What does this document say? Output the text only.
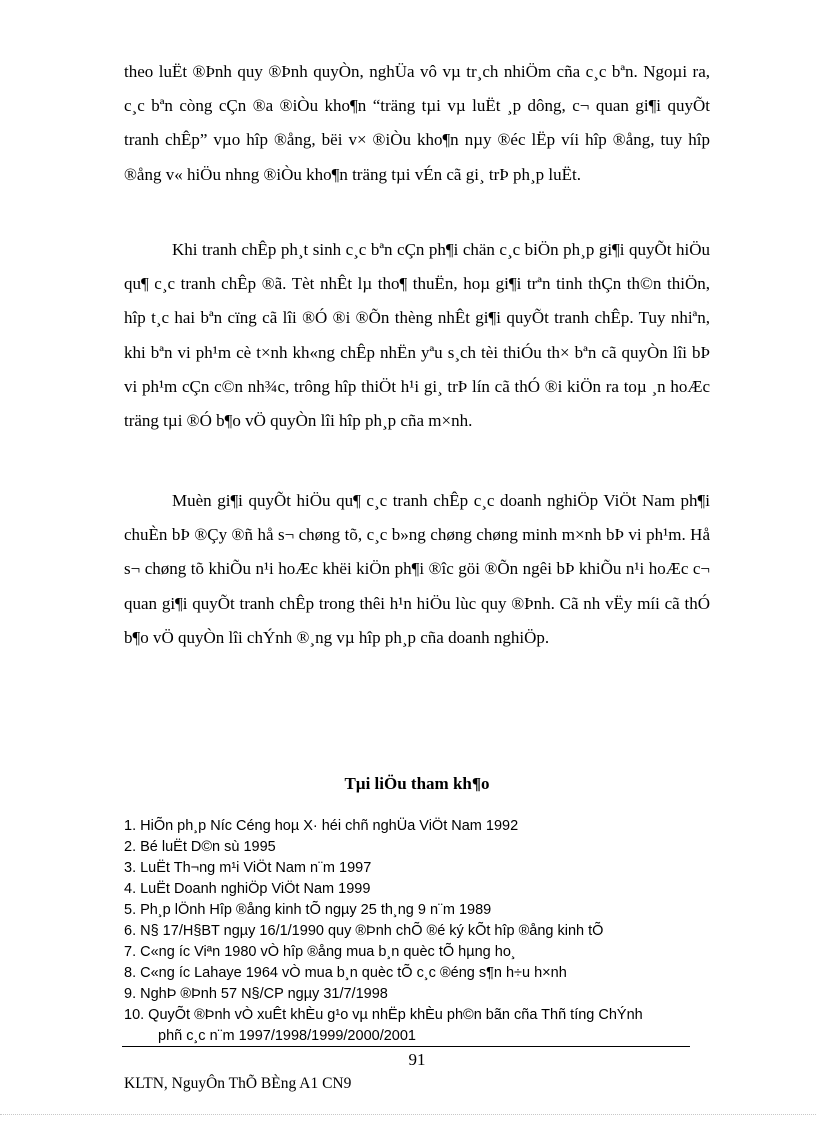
theo luËt ®Þnh quy ®Þnh quyÒn, nghÜa vô vµ tr¸ch nhiÖm cña c¸c bªn. Ngoµi ra, c¸c bªn còng cÇn ®a ®iÒu kho¶n “träng tµi vµ luËt ¸p dông, c¬ quan gi¶i quyÕt tranh chÊp” vµo hîp ®ång, bëi v× ®iÒu kho¶n nµy ®éc lËp víi hîp ®ång, tuy hîp ®ång v« hiÖu nhng ®iÒu kho¶n träng tµi vÉn cã gi¸ trÞ ph¸p luËt.

Khi tranh chÊp ph¸t sinh c¸c bªn cÇn ph¶i chän c¸c biÖn ph¸p gi¶i quyÕt hiÖu qu¶ c¸c tranh chÊp ®ã. Tèt nhÊt lµ tho¶ thuËn, hoµ gi¶i trªn tinh thÇn th©n thiÖn, hîp t¸c hai bªn cïng cã lîi ®Ó ®i ®Õn thèng nhÊt gi¶i quyÕt tranh chÊp. Tuy nhiªn, khi bªn vi ph¹m cè t×nh kh«ng chÊp nhËn yªu s¸ch tèi thiÓu th× bªn cã quyÒn lîi bÞ vi ph¹m cÇn c©n nh¾c, trông hîp thiÖt h¹i gi¸ trÞ lín cã thÓ ®i kiÖn ra toµ ¸n hoÆc träng tµi ®Ó b¶o vÖ quyÒn lîi hîp ph¸p cña m×nh.

Muèn gi¶i quyÕt hiÖu qu¶ c¸c tranh chÊp c¸c doanh nghiÖp ViÖt Nam ph¶i chuÈn bÞ ®Çy ®ñ hå s¬ chøng tõ, c¸c b»ng chøng chøng minh m×nh bÞ vi ph¹m. Hå s¬ chøng tõ khiÕu n¹i hoÆc khëi kiÖn ph¶i ®îc göi ®Õn ngêi bÞ khiÕu n¹i hoÆc c¬ quan gi¶i quyÕt tranh chÊp trong thêi h¹n hiÖu lùc quy ®Þnh. Cã nh vËy míi cã thÓ b¶o vÖ quyÒn lîi chÝnh ®¸ng vµ hîp ph¸p cña doanh nghiÖp.

Tµi liÖu tham kh¶o

1. HiÕn ph¸p Níc Céng hoµ X· héi chñ nghÜa ViÖt Nam 1992
2. Bé luËt D©n sù 1995
3. LuËt Th¬ng m¹i ViÖt Nam n¨m 1997
4. LuËt Doanh nghiÖp ViÖt Nam 1999
5. Ph¸p lÖnh Hîp ®ång kinh tÕ ngµy 25 th¸ng 9 n¨m 1989
6. N§ 17/H§BT ngµy 16/1/1990 quy ®Þnh chÕ ®é ký kÕt hîp ®ång kinh tÕ
7. C«ng íc Viªn 1980 vÒ hîp ®ång mua b¸n quèc tÕ hµng ho¸
8. C«ng íc Lahaye 1964 vÒ mua b¸n quèc tÕ c¸c ®éng s¶n h÷u h×nh
9. NghÞ ®Þnh 57 N§/CP ngµy 31/7/1998
10. QuyÕt ®Þnh vÒ xuÊt khÈu g¹o vµ nhËp khÈu ph©n bãn cña Thñ tíng ChÝnh
phñ c¸c n¨m 1997/1998/1999/2000/2001
91
KLTN, NguyÔn ThÕ BÈng A1 CN9
